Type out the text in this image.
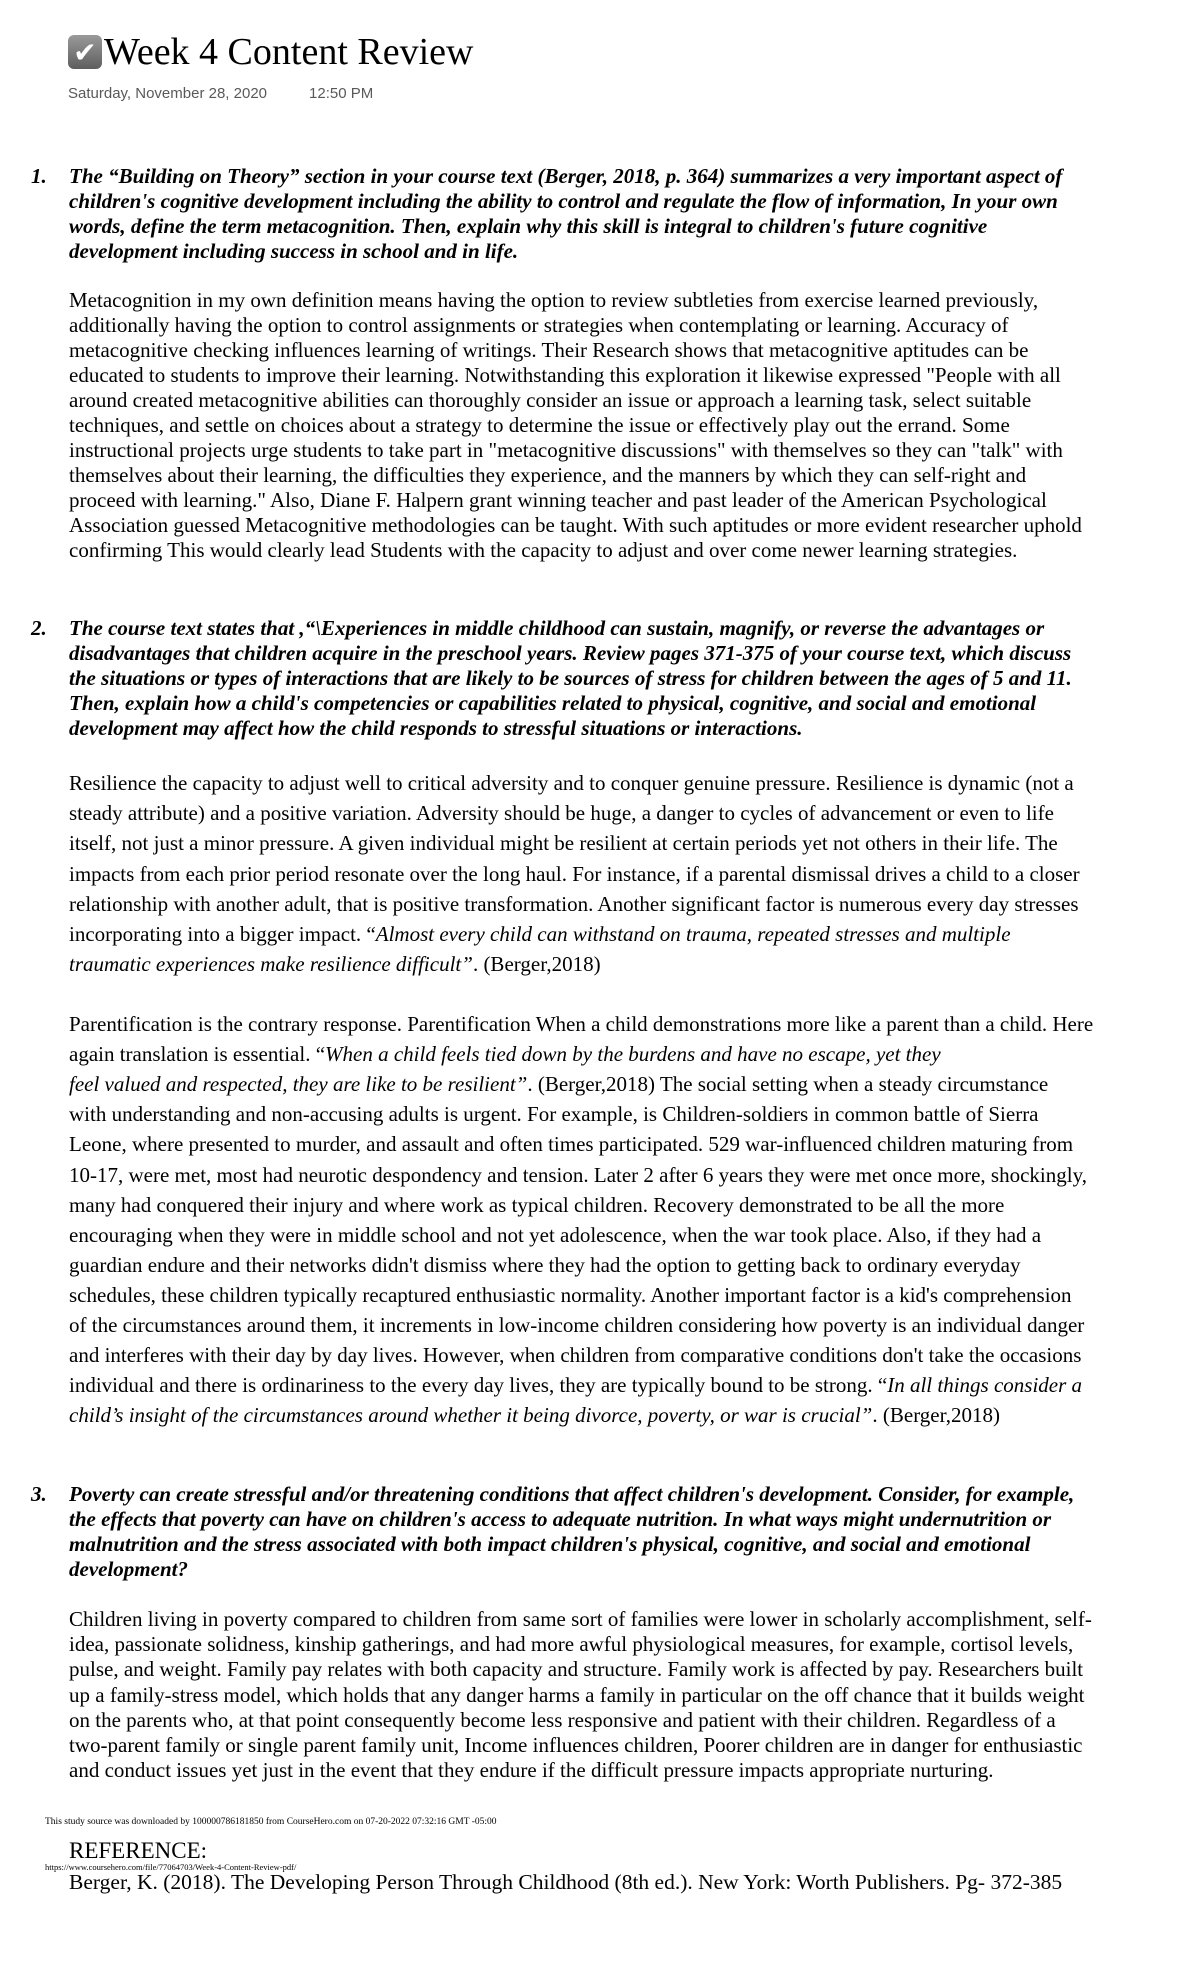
✔ Week 4 Content Review
Saturday, November 28, 2020	12:50 PM
1. The “Building on Theory” section in your course text (Berger, 2018, p. 364) summarizes a very important aspect of
children's cognitive development including the ability to control and regulate the flow of information, In your own
words, define the term metacognition. Then, explain why this skill is integral to children's future cognitive
development including success in school and in life.
Metacognition in my own definition means having the option to review subtleties from exercise learned previously,
additionally having the option to control assignments or strategies when contemplating or learning. Accuracy of
metacognitive checking influences learning of writings. Their Research shows that metacognitive aptitudes can be
educated to students to improve their learning. Notwithstanding this exploration it likewise expressed "People with all
around created metacognitive abilities can thoroughly consider an issue or approach a learning task, select suitable
techniques, and settle on choices about a strategy to determine the issue or effectively play out the errand. Some
instructional projects urge students to take part in "metacognitive discussions" with themselves so they can "talk" with
themselves about their learning, the difficulties they experience, and the manners by which they can self-right and
proceed with learning." Also, Diane F. Halpern grant winning teacher and past leader of the American Psychological
Association guessed Metacognitive methodologies can be taught. With such aptitudes or more evident researcher uphold
confirming This would clearly lead Students with the capacity to adjust and over come newer learning strategies.
2. The course text states that ,“\Experiences in middle childhood can sustain, magnify, or reverse the advantages or
disadvantages that children acquire in the preschool years. Review pages 371-375 of your course text, which discuss
the situations or types of interactions that are likely to be sources of stress for children between the ages of 5 and 11.
Then, explain how a child's competencies or capabilities related to physical, cognitive, and social and emotional
development may affect how the child responds to stressful situations or interactions.
Resilience the capacity to adjust well to critical adversity and to conquer genuine pressure. Resilience is dynamic (not a
steady attribute) and a positive variation. Adversity should be huge, a danger to cycles of advancement or even to life
itself, not just a minor pressure. A given individual might be resilient at certain periods yet not others in their life. The
impacts from each prior period resonate over the long haul. For instance, if a parental dismissal drives a child to a closer
relationship with another adult, that is positive transformation. Another significant factor is numerous every day stresses
incorporating into a bigger impact. “Almost every child can withstand on trauma, repeated stresses and multiple
traumatic experiences make resilience difficult”. (Berger,2018)
Parentification is the contrary response. Parentification When a child demonstrations more like a parent than a child. Here
again translation is essential. “When a child feels tied down by the burdens and have no escape, yet they
feel valued and respected, they are like to be resilient”. (Berger,2018) The social setting when a steady circumstance
with understanding and non-accusing adults is urgent. For example, is Children-soldiers in common battle of Sierra
Leone, where presented to murder, and assault and often times participated. 529 war-influenced children maturing from
10-17, were met, most had neurotic despondency and tension. Later 2 after 6 years they were met once more, shockingly,
many had conquered their injury and where work as typical children. Recovery demonstrated to be all the more
encouraging when they were in middle school and not yet adolescence, when the war took place. Also, if they had a
guardian endure and their networks didn't dismiss where they had the option to getting back to ordinary everyday
schedules, these children typically recaptured enthusiastic normality. Another important factor is a kid's comprehension
of the circumstances around them, it increments in low-income children considering how poverty is an individual danger
and interferes with their day by day lives. However, when children from comparative conditions don't take the occasions
individual and there is ordinariness to the every day lives, they are typically bound to be strong. “In all things consider a
child’s insight of the circumstances around whether it being divorce, poverty, or war is crucial”. (Berger,2018)
3. Poverty can create stressful and/or threatening conditions that affect children's development. Consider, for example,
the effects that poverty can have on children's access to adequate nutrition. In what ways might undernutrition or
malnutrition and the stress associated with both impact children's physical, cognitive, and social and emotional
development?
Children living in poverty compared to children from same sort of families were lower in scholarly accomplishment, self-
idea, passionate solidness, kinship gatherings, and had more awful physiological measures, for example, cortisol levels,
pulse, and weight. Family pay relates with both capacity and structure. Family work is affected by pay. Researchers built
up a family-stress model, which holds that any danger harms a family in particular on the off chance that it builds weight
on the parents who, at that point consequently become less responsive and patient with their children. Regardless of a
two-parent family or single parent family unit, Income influences children, Poorer children are in danger for enthusiastic
and conduct issues yet just in the event that they endure if the difficult pressure impacts appropriate nurturing.
This study source was downloaded by 100000786181850 from CourseHero.com on 07-20-2022 07:32:16 GMT -05:00
REFERENCE:
https://www.coursehero.com/file/77064703/Week-4-Content-Review-pdf/
Berger, K. (2018). The Developing Person Through Childhood (8th ed.). New York: Worth Publishers. Pg- 372-385
